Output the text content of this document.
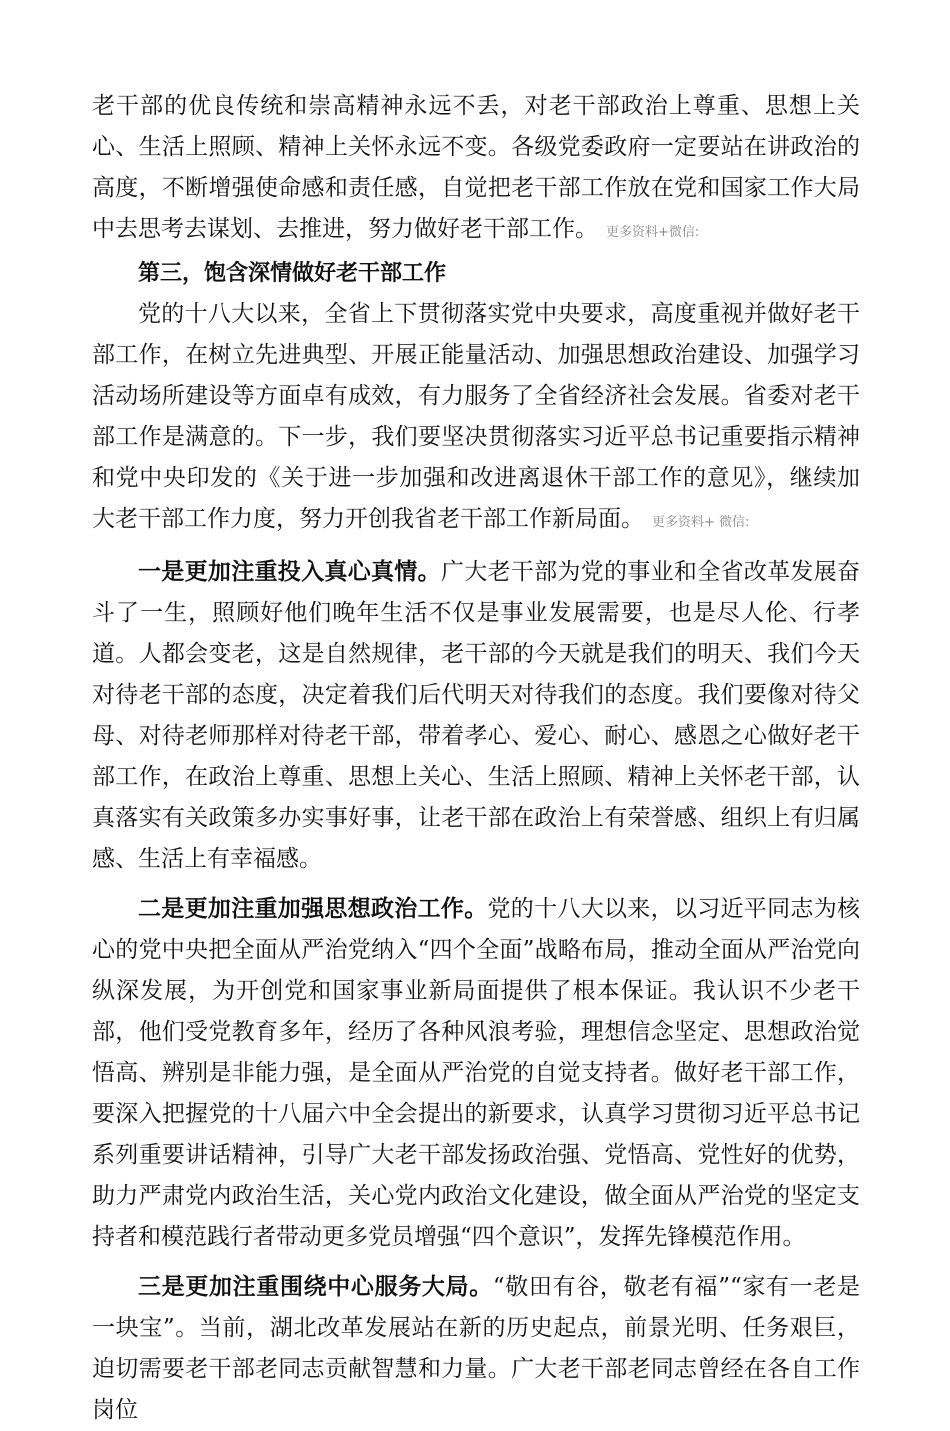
老干部的优良传统和崇高精神永远不丢，对老干部政治上尊重、思想上关心、生活上照顾、精神上关怀永远不变。各级党委政府一定要站在讲政治的高度，不断增强使命感和责任感，自觉把老干部工作放在党和国家工作大局中去思考去谋划、去推进，努力做好老干部工作。 更多资料+微信:

第三，饱含深情做好老干部工作

党的十八大以来，全省上下贯彻落实党中央要求，高度重视并做好老干部工作，在树立先进典型、开展正能量活动、加强思想政治建设、加强学习活动场所建设等方面卓有成效，有力服务了全省经济社会发展。省委对老干部工作是满意的。下一步，我们要坚决贯彻落实习近平总书记重要指示精神和党中央印发的《关于进一步加强和改进离退休干部工作的意见》，继续加大老干部工作力度，努力开创我省老干部工作新局面。 更多资料+ 微信:

一是更加注重投入真心真情。广大老干部为党的事业和全省改革发展奋斗了一生，照顾好他们晚年生活不仅是事业发展需要，也是尽人伦、行孝道。人都会变老，这是自然规律，老干部的今天就是我们的明天、我们今天对待老干部的态度，决定着我们后代明天对待我们的态度。我们要像对待父母、对待老师那样对待老干部，带着孝心、爱心、耐心、感恩之心做好老干部工作，在政治上尊重、思想上关心、生活上照顾、精神上关怀老干部，认真落实有关政策多办实事好事，让老干部在政治上有荣誉感、组织上有归属感、生活上有幸福感。

二是更加注重加强思想政治工作。党的十八大以来，以习近平同志为核心的党中央把全面从严治党纳入“四个全面”战略布局，推动全面从严治党向纵深发展，为开创党和国家事业新局面提供了根本保证。我认识不少老干部，他们受党教育多年，经历了各种风浪考验，理想信念坚定、思想政治觉悟高、辨别是非能力强，是全面从严治党的自觉支持者。做好老干部工作，要深入把握党的十八届六中全会提出的新要求，认真学习贯彻习近平总书记系列重要讲话精神，引导广大老干部发扬政治强、党悟高、党性好的优势，助力严肃党内政治生活，关心党内政治文化建设，做全面从严治党的坚定支持者和模范践行者带动更多党员增强“四个意识”，发挥先锋模范作用。

三是更加注重围绕中心服务大局。“敬田有谷，敬老有福”“家有一老是一块宝”。当前，湖北改革发展站在新的历史起点，前景光明、任务艰巨，迫切需要老干部老同志贡献智慧和力量。广大老干部老同志曾经在各自工作岗位
